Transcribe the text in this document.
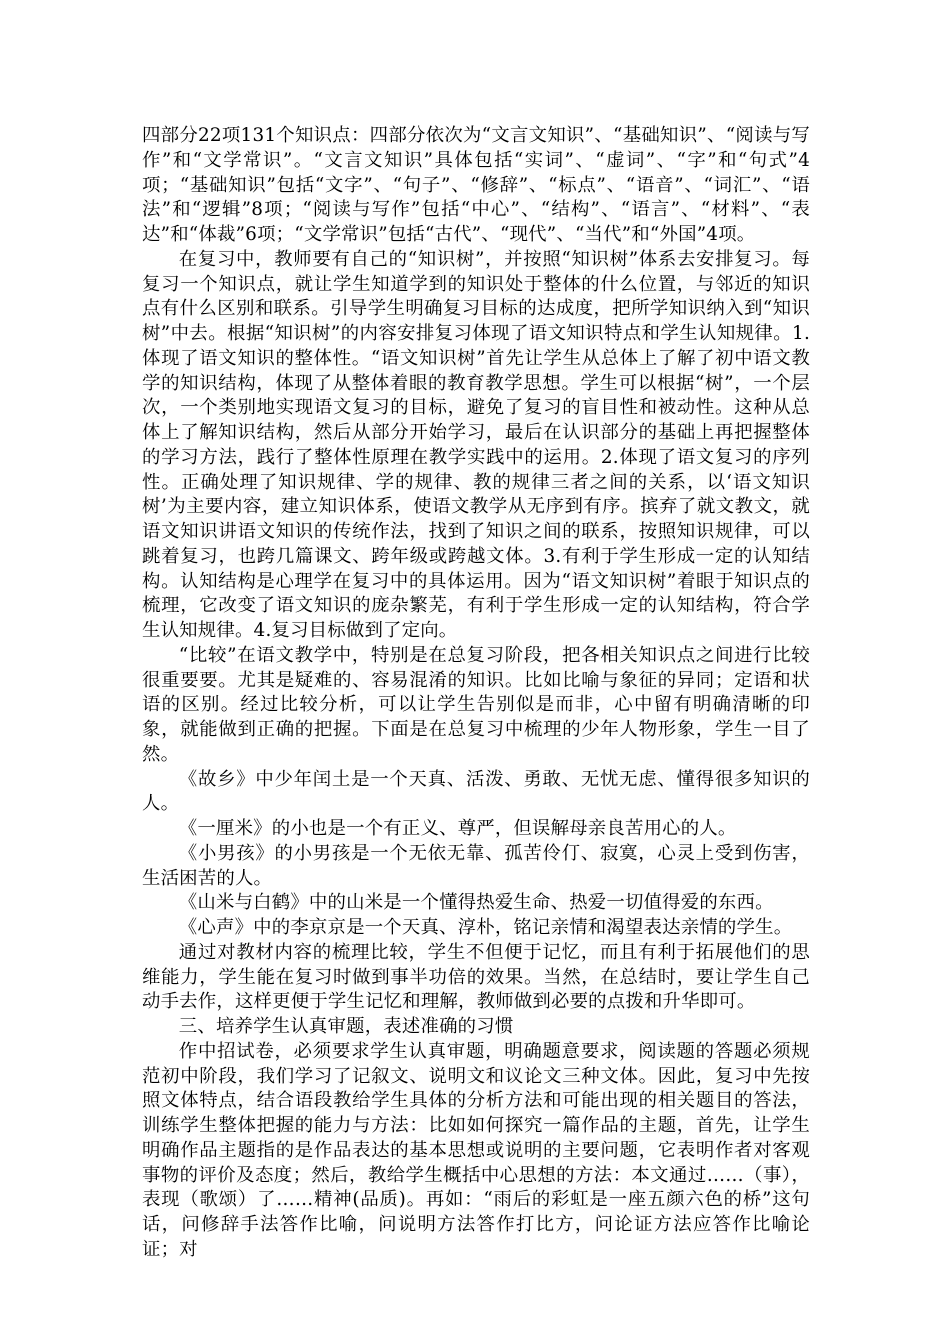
四部分22项131个知识点：四部分依次为“文言文知识”、“基础知识”、“阅读与写作”和“文学常识”。“文言文知识”具体包括“实词”、“虚词”、“字”和“句式”4项；“基础知识”包括“文字”、“句子”、“修辞”、“标点”、“语音”、“词汇”、“语法”和“逻辑”8项；“阅读与写作”包括“中心”、“结构”、“语言”、“材料”、“表达”和“体裁”6项；“文学常识”包括“古代”、“现代”、“当代”和“外国”4项。

在复习中，教师要有自己的“知识树”，并按照“知识树”体系去安排复习。每复习一个知识点，就让学生知道学到的知识处于整体的什么位置，与邻近的知识点有什么区别和联系。引导学生明确复习目标的达成度，把所学知识纳入到“知识树”中去。根据“知识树”的内容安排复习体现了语文知识特点和学生认知规律。1.体现了语文知识的整体性。“语文知识树”首先让学生从总体上了解了初中语文教学的知识结构，体现了从整体着眼的教育教学思想。学生可以根据“树”，一个层次，一个类别地实现语文复习的目标，避免了复习的盲目性和被动性。这种从总体上了解知识结构，然后从部分开始学习，最后在认识部分的基础上再把握整体的学习方法，践行了整体性原理在教学实践中的运用。2.体现了语文复习的序列性。正确处理了知识规律、学的规律、教的规律三者之间的关系，以‘语文知识树’为主要内容，建立知识体系，使语文教学从无序到有序。摈弃了就文教文，就语文知识讲语文知识的传统作法，找到了知识之间的联系，按照知识规律，可以跳着复习，也跨几篇课文、跨年级或跨越文体。3.有利于学生形成一定的认知结构。认知结构是心理学在复习中的具体运用。因为“语文知识树”着眼于知识点的梳理，它改变了语文知识的庞杂繁芜，有利于学生形成一定的认知结构，符合学生认知规律。4.复习目标做到了定向。

“比较”在语文教学中，特别是在总复习阶段，把各相关知识点之间进行比较很重要要。尤其是疑难的、容易混淆的知识。比如比喻与象征的异同；定语和状语的区别。经过比较分析，可以让学生告别似是而非，心中留有明确清晰的印象，就能做到正确的把握。下面是在总复习中梳理的少年人物形象，学生一目了然。

《故乡》中少年闰土是一个天真、活泼、勇敢、无忧无虑、懂得很多知识的人。

《一厘米》的小也是一个有正义、尊严，但误解母亲良苦用心的人。

《小男孩》的小男孩是一个无依无靠、孤苦伶仃、寂寞，心灵上受到伤害，生活困苦的人。

《山米与白鹤》中的山米是一个懂得热爱生命、热爱一切值得爱的东西。

《心声》中的李京京是一个天真、淳朴，铭记亲情和渴望表达亲情的学生。

通过对教材内容的梳理比较，学生不但便于记忆，而且有利于拓展他们的思维能力，学生能在复习时做到事半功倍的效果。当然，在总结时，要让学生自己动手去作，这样更便于学生记忆和理解，教师做到必要的点拨和升华即可。

三、培养学生认真审题，表述准确的习惯

作中招试卷，必须要求学生认真审题，明确题意要求，阅读题的答题必须规范初中阶段，我们学习了记叙文、说明文和议论文三种文体。因此，复习中先按照文体特点，结合语段教给学生具体的分析方法和可能出现的相关题目的答法，训练学生整体把握的能力与方法：比如如何探究一篇作品的主题，首先，让学生明确作品主题指的是作品表达的基本思想或说明的主要问题，它表明作者对客观事物的评价及态度；然后，教给学生概括中心思想的方法：本文通过……（事），表现（歌颂）了……精神(品质)。再如：“雨后的彩虹是一座五颜六色的桥”这句话，问修辞手法答作比喻，问说明方法答作打比方，问论证方法应答作比喻论证；对
